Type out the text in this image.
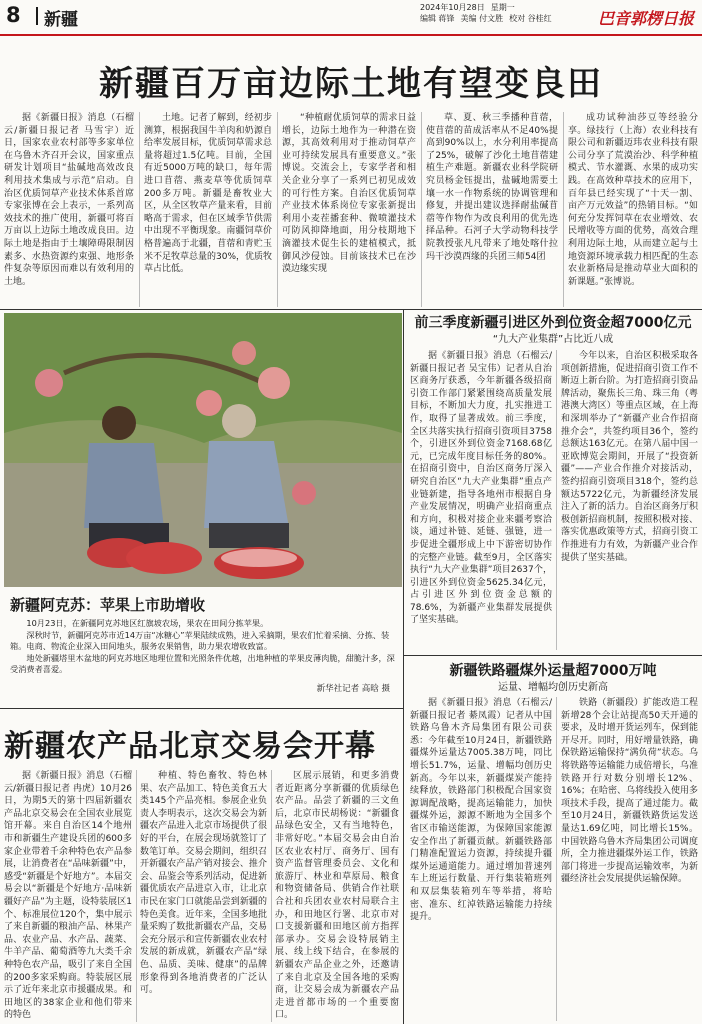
8 新疆
2024年10月28日 星期一
编辑 蒋锋 美编 付文胜 校对 谷桂红	巴音郭楞日报
新疆百万亩边际土地有望变良田

据《新疆日报》消息（石榴云/新疆日报记者 马雪宇）近日，国家农业农村部等多家单位在乌鲁木齐召开会议，国家重点研发计划项目“盐碱地高效改良利用技术集成与示范”启动。自治区优质饲草产业技术体系首席专家张博在会上表示，一系列高效技术的推广使用，新疆可将百万亩以上边际土地改成良田。边际土地是指由于土壤障碍限制因素多、水热资源约束强、地形条件复杂等原因而难以有效利用的土地。

土地。记者了解到，经初步测算，根据我国牛羊肉和奶源自给率发展目标，优质饲草需求总量将超过1.5亿吨。目前，全国有近5000万吨的缺口，每年需进口苜蓿、燕麦草等优质饲草200多万吨。新疆是畜牧业大区，从全区牧草产量来看，目前略高于需求，但在区域季节供需中出现不平衡现象。南疆饲草价格普遍高于北疆，苜蓿和青贮玉米不足牧草总量的30%，优质牧草占比低。

“种植耐优质饲草的需求日益增长，边际土地作为一种潜在资源，其高效利用对于推动饲草产业可持续发展具有重要意义。”张博说。交流会上，专家学者和相关企业分享了一系列已初见成效的可行性方案。自治区优质饲草产业技术体系岗位专家张新提出利用小麦茬播套种、微喷灌技术可防风抑降地面，用分枝期地下滴灌技术促生长的建植模式，抵御风沙侵蚀。目前该技术已在沙漠边缘实现

草、夏、秋三季播种苜蓿，使苜蓿的苗成活率从不足40%提高到90%以上，水分利用率提高了25%，破解了沙化土地苜蓿建植生产难题。新疆农业科学院研究员杨金钰提出，盐碱地需要土壤一水一作物系统的协调管理和修复，并提出建议选择耐盐碱苜蓿等作物作为改良利用的优先选择品种。石河子大学动物科技学院教授张凡凡带来了地处喀什拉玛干沙漠西缘的兵团三师54团

成功试种油莎豆等经验分享。绿技行（上海）农业科技有限公司和新疆迈玮农业科技有限公司分享了荒漠治沙、科学种植模式、节水灌溉、水果的成功实践。在高效种草技术的应用下，百年县已经实现了“十天一割、亩产万元效益”的热销目标。“如何充分发挥饲草在农业增效、农民增收等方面的优势，高效合理利用边际土地，从而建立起与土地资源环境承载力相匹配的生态农业新格局是推动草业大面积的新课题。”张博说。

新疆阿克苏：苹果上市助增收

10月23日，在新疆阿克苏地区红旗坡农场，果农在田间分拣苹果。

深秋时节，新疆阿克苏市近14万亩“冰糖心”苹果陆续成熟，进入采摘期，果农们忙着采摘、分拣、装箱。电商、物流企业深入田间地头，服务农果销售，助力果农增收致富。

地处新疆塔里木盆地的阿克苏地区地理位置和光照条件优越，出地种植的苹果皮薄肉脆，甜脆汁多，深受消费者喜爱。

新华社记者 高晗 摄
前三季度新疆引进区外到位资金超7000亿元
“九大产业集群”占比近八成

据《新疆日报》消息（石榴云/新疆日报记者 吴宝伟）记者从自治区商务厅获悉，今年新疆各级招商引资工作部门紧紧围绕高质量发展目标，不断加大力度，扎实推进工作，取得了显著成效。前三季度，全区共落实执行招商引资项目3758个，引进区外到位资金7168.68亿元，已完成年度目标任务的80%。在招商引资中，自治区商务厅深入研究自治区“九大产业集群”重点产业链新建，指导各地州市根据自身产业发展情况，明确产业招商重点和方向，积极对接企业来疆考察洽谈，通过补链、延链、强链，进一步促进全疆形成上中下游密切协作的完整产业链。截至9月，全区落实执行“九大产业集群”项目2637个，引进区外到位资金5625.34亿元，占引进区外到位资金总额的78.6%，为新疆产业集群发展提供了坚实基础。

今年以来，自治区积极采取各项创新措施，促进招商引资工作不断迈上新台阶。为打造招商引资品牌活动，聚焦长三角、珠三角（粤港澳大湾区）等重点区域，在上海和深圳举办了“新疆产业合作招商推介会”，共签约项目36个，签约总额达163亿元。在第八届中国一亚欧博览会期间，开展了“投资新疆”——产业合作推介对接活动，签约招商引资项目318个，签约总额达5722亿元，为新疆经济发展注入了新的活力。自治区商务厅积极创新招商机制，按照积极对接、落实优惠政策等方式，招商引资工作推进有力有效，为新疆产业合作提供了坚实基础。

新疆铁路疆煤外运量超7000万吨
运量、增幅均创历史新高

据《新疆日报》消息（石榴云/新疆日报记者 綦凤霞）记者从中国铁路乌鲁木齐局集团有限公司获悉：今年截至10月24日，新疆铁路疆煤外运量达7005.38万吨，同比增长51.7%，运量、增幅均创历史新高。今年以来，新疆煤炭产能持续释放，铁路部门积极配合国家资源调配战略，提高运输能力，加快疆煤外运，源源不断地为全国多个省区市输送能源，为保障国家能源安全作出了新疆贡献。新疆铁路部门精准配置运力资源，持续提升疆煤外运通道能力。通过增加普速列车上班运行数量、开行集装箱班列和双层集装箱列车等举措，将哈密、准东、红淖铁路运输能力持续提升。

铁路（新疆段）扩能改造工程新增28个会让站提高50天开通的要求，及时增开货运列车，保到能开尽开。同时，用好增量铁路，确保铁路运输保持“满负荷”状态。乌将铁路等运输能力成倍增长，乌准铁路开行对数分别增长12%、16%；在哈密、乌将线投入使用多项技术手段，提高了通过能力。截至10月24日，新疆铁路货运发送量达1.69亿吨，同比增长15%。中国铁路乌鲁木齐局集团公司调度所，全力推进疆煤外运工作，铁路部门将进一步提高运输效率，为新疆经济社会发展提供运输保障。

新疆农产品北京交易会开幕

据《新疆日报》消息（石榴云/新疆日报记者 冉虎）10月26日，为期5天的第十四届新疆农产品北京交易会在全国农业展览馆开幕。来自自治区14个地州市和新疆生产建设兵团的600多家企业带着千余种特色农产品参展，让消费者在“品味新疆”中，感受“新疆是个好地方”。本届交易会以“新疆是个好地方·品味新疆好产品”为主题，设特装展区1个、标准展位120个，集中展示了来自新疆的粮油产品、林果产品、农业产品、水产品、蔬菜、牛羊产品、葡萄酒等九大类千余种特色农产品，吸引了来自全国的200多家采购商。特装展区展示了近年来北京市援疆成果。和田地区的38家企业和他们带来的特色

种植、特色畜牧、特色林果、农产品加工、特色美食五大类145个产品亮相。参展企业负责人李明表示，这次交易会为新疆农产品进入北京市场提供了很好的平台，在展会现场就签订了数笔订单。交易会期间，组织召开新疆农产品产销对接会、推介会、品鉴会等系列活动，促进新疆优质农产品进京入市，让北京市民在家门口就能品尝到新疆的特色美食。近年来，全国多地批量采购了数批新疆农产品，交易会充分展示和宣传新疆农业农村发展的新成就，新疆农产品“绿色、品质、美味、健康”的品牌形象得到各地消费者的广泛认可。

区展示展销，和更多消费者近距离分享新疆的优质绿色农产品。品尝了新疆的三文鱼后，北京市民胡杨说：“新疆食品绿色安全，又有当地特色，非常好吃。”本届交易会由自治区农业农村厅、商务厅、国有资产监督管理委员会、文化和旅游厅、林业和草原局、粮食和物资储备局、供销合作社联合社和兵团农业农村局联合主办，和田地区行署、北京市对口支援新疆和田地区前方指挥部承办。交易会设特展销主展、线上线下结合，在参展的新疆农产品企业之外，还邀请了来自北京及全国各地的采购商，让交易会成为新疆农产品走进首都市场的一个重要窗口。
